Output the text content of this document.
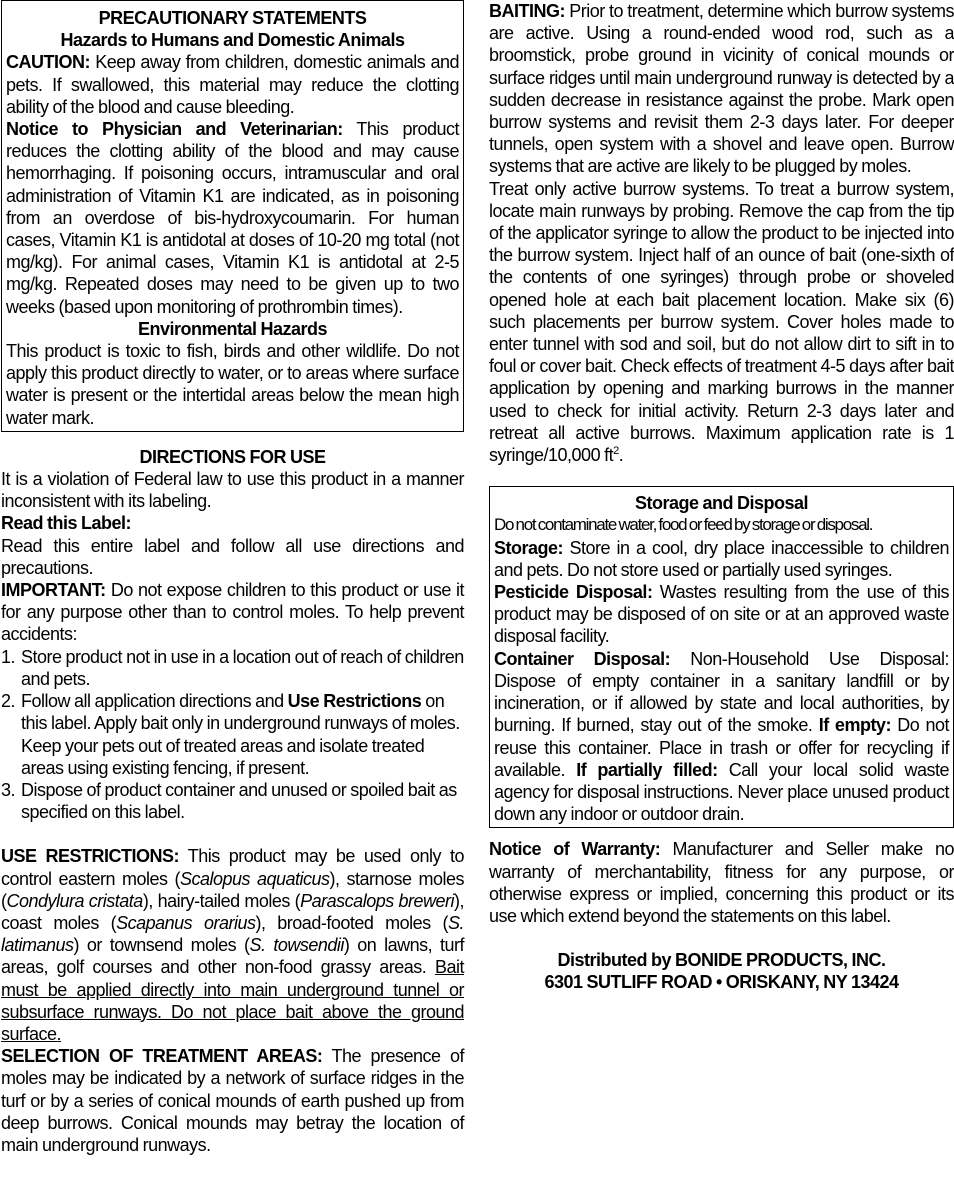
PRECAUTIONARY STATEMENTS

Hazards to Humans and Domestic Animals

CAUTION: Keep away from children, domestic animals and pets. If swallowed, this material may reduce the clotting ability of the blood and cause bleeding.

Notice to Physician and Veterinarian: This product reduces the clotting ability of the blood and may cause hemorrhaging. If poisoning occurs, intramuscular and oral administration of Vitamin K1 are indicated, as in poisoning from an overdose of bis-hydroxycoumarin. For human cases, Vitamin K1 is antidotal at doses of 10-20 mg total (not mg/kg). For animal cases, Vitamin K1 is antidotal at 2-5 mg/kg. Repeated doses may need to be given up to two weeks (based upon monitoring of prothrombin times).

Environmental Hazards

This product is toxic to fish, birds and other wildlife. Do not apply this product directly to water, or to areas where surface water is present or the intertidal areas below the mean high water mark.

DIRECTIONS FOR USE

It is a violation of Federal law to use this product in a manner inconsistent with its labeling.

Read this Label:

Read this entire label and follow all use directions and precautions.

IMPORTANT: Do not expose children to this product or use it for any purpose other than to control moles. To help prevent accidents:

1. Store product not in use in a location out of reach of children and pets.
2. Follow all application directions and Use Restrictions on this label. Apply bait only in underground runways of moles. Keep your pets out of treated areas and isolate treated areas using existing fencing, if present.
3. Dispose of product container and unused or spoiled bait as specified on this label.

USE RESTRICTIONS: This product may be used only to control eastern moles (Scalopus aquaticus), starnose moles (Condylura cristata), hairy-tailed moles (Parascalops breweri), coast moles (Scapanus orarius), broad-footed moles (S. latimanus) or townsend moles (S. towsendii) on lawns, turf areas, golf courses and other non-food grassy areas. Bait must be applied directly into main underground tunnel or subsurface runways. Do not place bait above the ground surface.

SELECTION OF TREATMENT AREAS: The presence of moles may be indicated by a network of surface ridges in the turf or by a series of conical mounds of earth pushed up from deep burrows. Conical mounds may betray the location of main underground runways.

BAITING: Prior to treatment, determine which burrow systems are active. Using a round-ended wood rod, such as a broomstick, probe ground in vicinity of conical mounds or surface ridges until main underground runway is detected by a sudden decrease in resistance against the probe. Mark open burrow systems and revisit them 2-3 days later. For deeper tunnels, open system with a shovel and leave open. Burrow systems that are active are likely to be plugged by moles.

Treat only active burrow systems. To treat a burrow system, locate main runways by probing. Remove the cap from the tip of the applicator syringe to allow the product to be injected into the burrow system. Inject half of an ounce of bait (one-sixth of the contents of one syringes) through probe or shoveled opened hole at each bait placement location. Make six (6) such placements per burrow system. Cover holes made to enter tunnel with sod and soil, but do not allow dirt to sift in to foul or cover bait. Check effects of treatment 4-5 days after bait application by opening and marking burrows in the manner used to check for initial activity. Return 2-3 days later and retreat all active burrows. Maximum application rate is 1 syringe/10,000 $ft^2$.

Storage and Disposal

Do not contaminate water, food or feed by storage or disposal.

Storage: Store in a cool, dry place inaccessible to children and pets. Do not store used or partially used syringes.

Pesticide Disposal: Wastes resulting from the use of this product may be disposed of on site or at an approved waste disposal facility.

Container Disposal: Non-Household Use Disposal: Dispose of empty container in a sanitary landfill or by incineration, or if allowed by state and local authorities, by burning. If burned, stay out of the smoke. If empty: Do not reuse this container. Place in trash or offer for recycling if available. If partially filled: Call your local solid waste agency for disposal instructions. Never place unused product down any indoor or outdoor drain.

Notice of Warranty: Manufacturer and Seller make no warranty of merchantability, fitness for any purpose, or otherwise express or implied, concerning this product or its use which extend beyond the statements on this label.

Distributed by BONIDE PRODUCTS, INC.

6301 SUTLIFF ROAD • ORISKANY, NY 13424
